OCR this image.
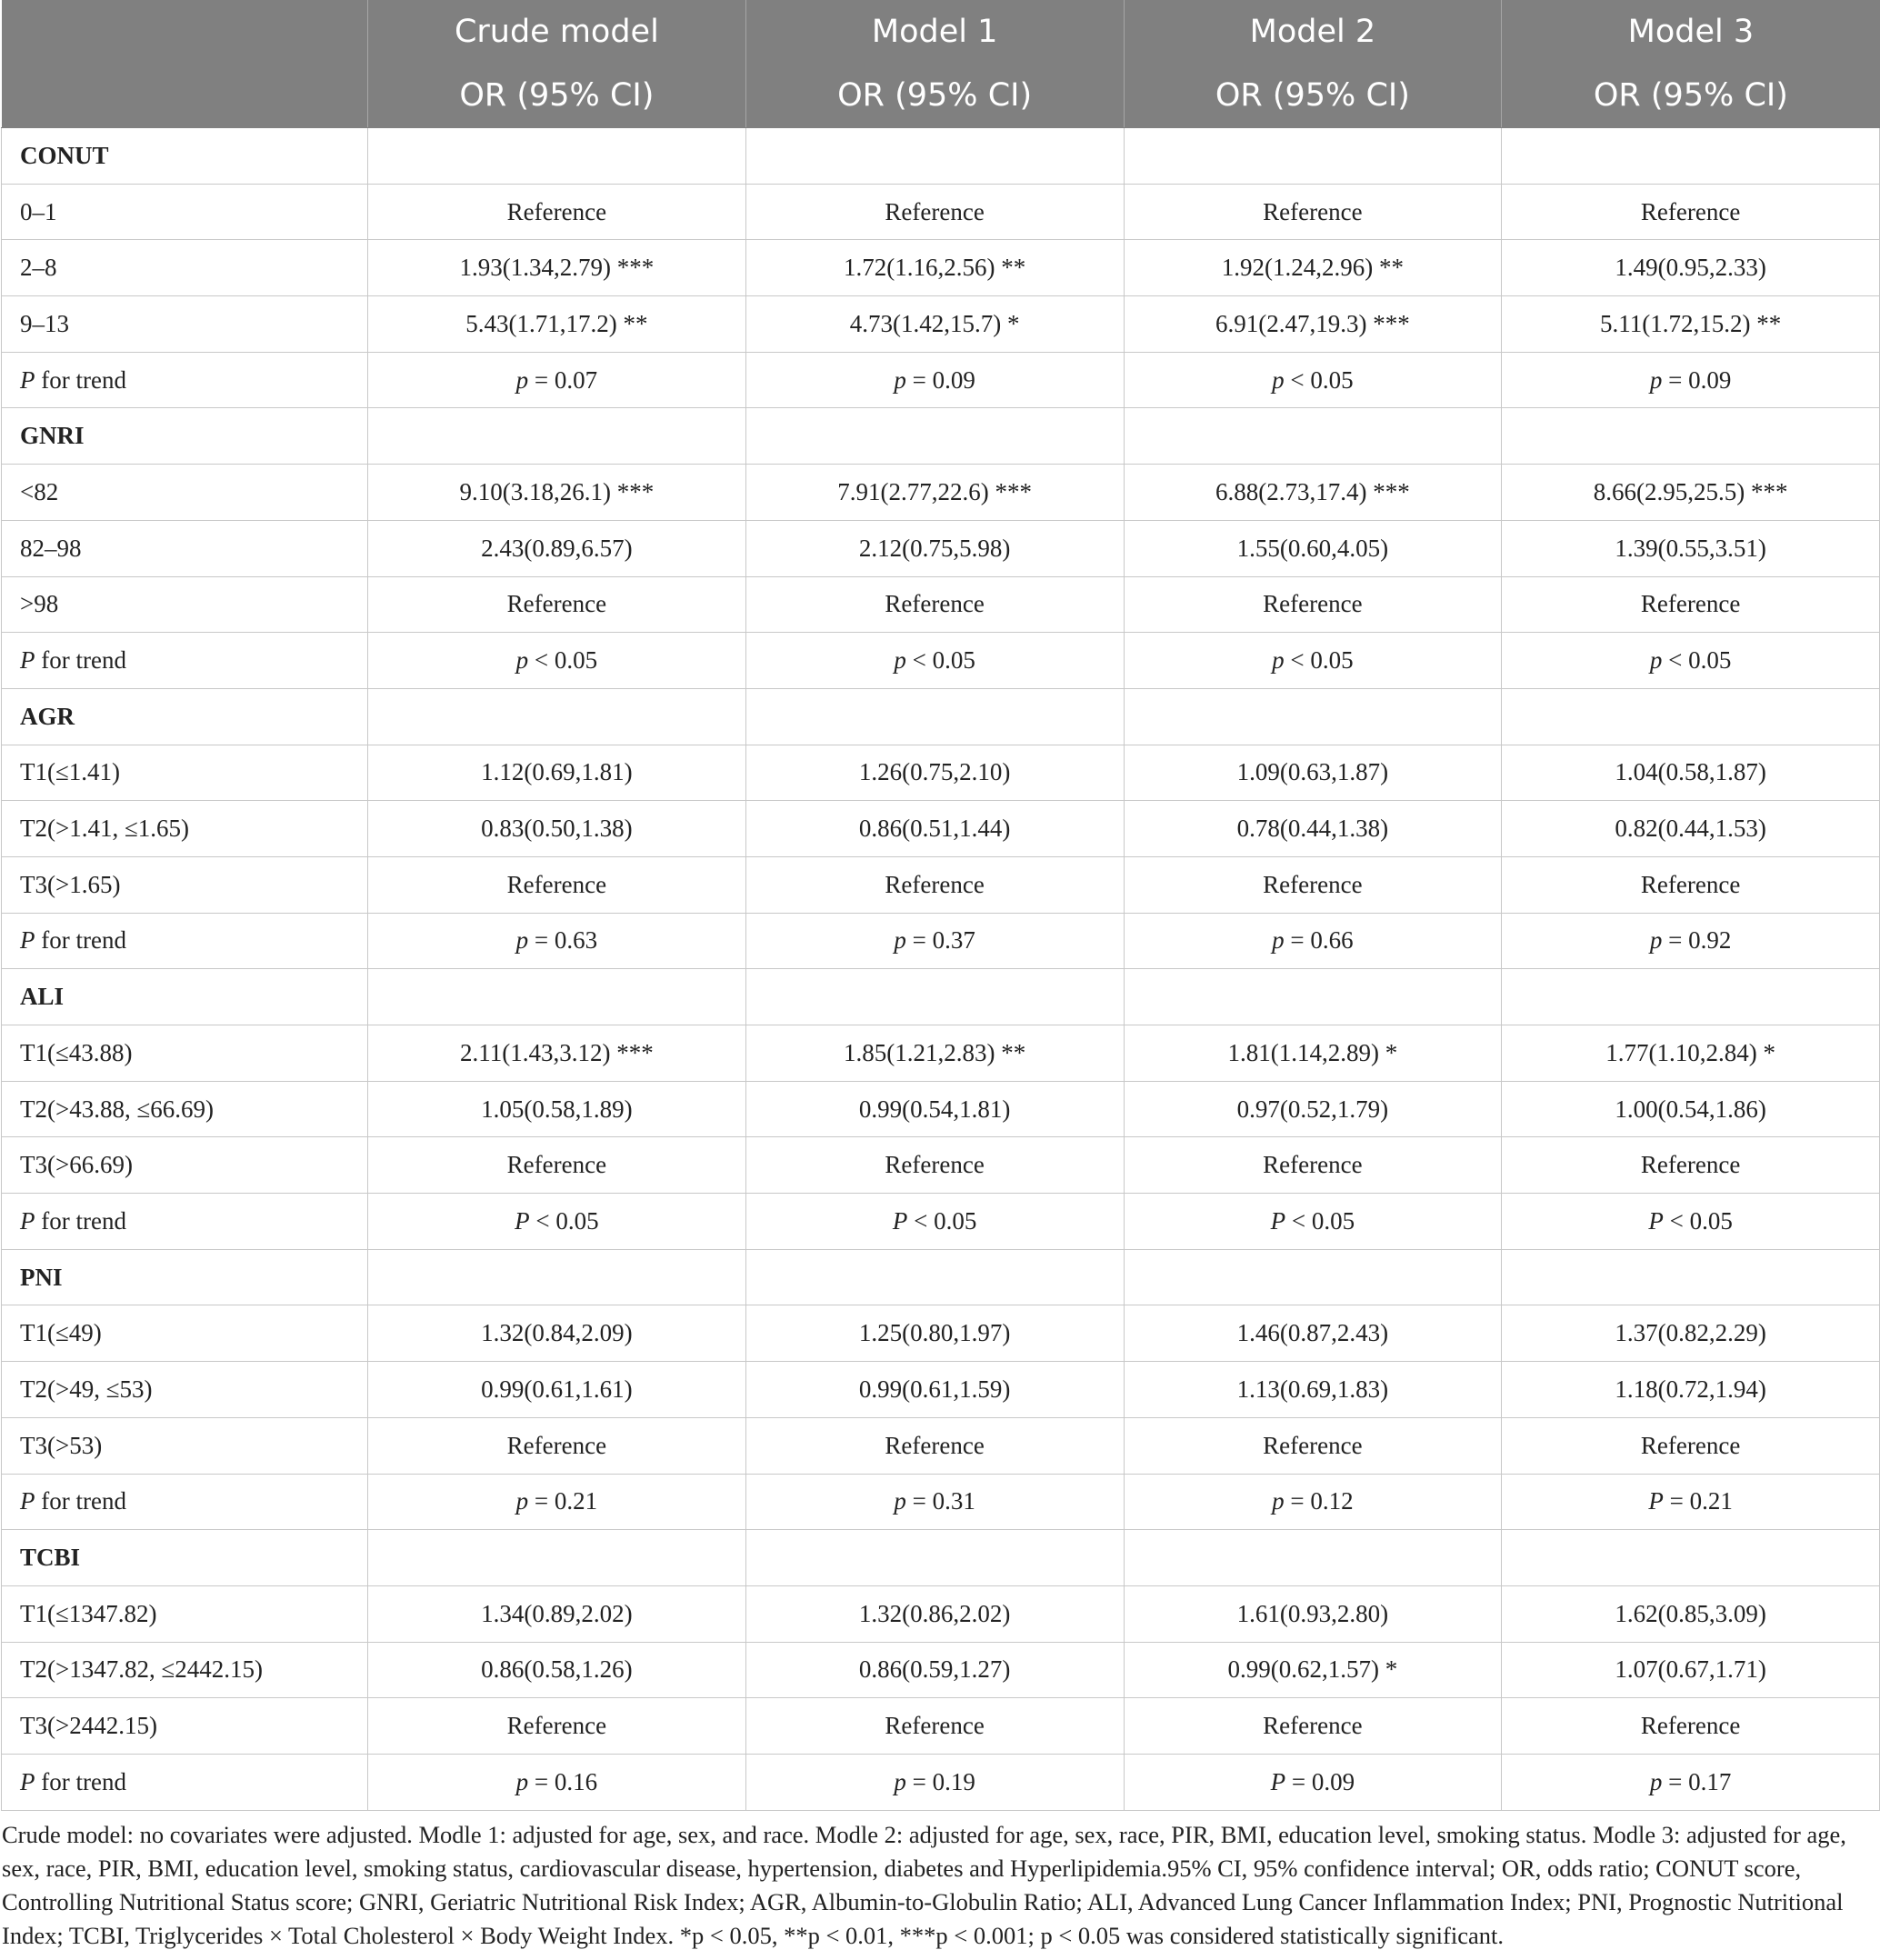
	Crude model	Model 1	Model 2	Model 3
	OR (95% CI)	OR (95% CI)	OR (95% CI)	OR (95% CI)
CONUT				
0–1	Reference	Reference	Reference	Reference
2–8	1.93(1.34,2.79) ***	1.72(1.16,2.56) **	1.92(1.24,2.96) **	1.49(0.95,2.33)
9–13	5.43(1.71,17.2) **	4.73(1.42,15.7) *	6.91(2.47,19.3) ***	5.11(1.72,15.2) **
P for trend	p = 0.07	p = 0.09	p < 0.05	p = 0.09
GNRI				
<82	9.10(3.18,26.1) ***	7.91(2.77,22.6) ***	6.88(2.73,17.4) ***	8.66(2.95,25.5) ***
82–98	2.43(0.89,6.57)	2.12(0.75,5.98)	1.55(0.60,4.05)	1.39(0.55,3.51)
>98	Reference	Reference	Reference	Reference
P for trend	p < 0.05	p < 0.05	p < 0.05	p < 0.05
AGR				
T1(≤1.41)	1.12(0.69,1.81)	1.26(0.75,2.10)	1.09(0.63,1.87)	1.04(0.58,1.87)
T2(>1.41, ≤1.65)	0.83(0.50,1.38)	0.86(0.51,1.44)	0.78(0.44,1.38)	0.82(0.44,1.53)
T3(>1.65)	Reference	Reference	Reference	Reference
P for trend	p = 0.63	p = 0.37	p = 0.66	p = 0.92
ALI				
T1(≤43.88)	2.11(1.43,3.12) ***	1.85(1.21,2.83) **	1.81(1.14,2.89) *	1.77(1.10,2.84) *
T2(>43.88, ≤66.69)	1.05(0.58,1.89)	0.99(0.54,1.81)	0.97(0.52,1.79)	1.00(0.54,1.86)
T3(>66.69)	Reference	Reference	Reference	Reference
P for trend	P < 0.05	P < 0.05	P < 0.05	P < 0.05
PNI				
T1(≤49)	1.32(0.84,2.09)	1.25(0.80,1.97)	1.46(0.87,2.43)	1.37(0.82,2.29)
T2(>49, ≤53)	0.99(0.61,1.61)	0.99(0.61,1.59)	1.13(0.69,1.83)	1.18(0.72,1.94)
T3(>53)	Reference	Reference	Reference	Reference
P for trend	p = 0.21	p = 0.31	p = 0.12	P = 0.21
TCBI				
T1(≤1347.82)	1.34(0.89,2.02)	1.32(0.86,2.02)	1.61(0.93,2.80)	1.62(0.85,3.09)
T2(>1347.82, ≤2442.15)	0.86(0.58,1.26)	0.86(0.59,1.27)	0.99(0.62,1.57) *	1.07(0.67,1.71)
T3(>2442.15)	Reference	Reference	Reference	Reference
P for trend	p = 0.16	p = 0.19	P = 0.09	p = 0.17
Crude model: no covariates were adjusted. Modle 1: adjusted for age, sex, and race. Modle 2: adjusted for age, sex, race, PIR, BMI, education level, smoking status. Modle 3: adjusted for age, sex, race, PIR, BMI, education level, smoking status, cardiovascular disease, hypertension, diabetes and Hyperlipidemia.95% CI, 95% confidence interval; OR, odds ratio; CONUT score, Controlling Nutritional Status score; GNRI, Geriatric Nutritional Risk Index; AGR, Albumin-to-Globulin Ratio; ALI, Advanced Lung Cancer Inflammation Index; PNI, Prognostic Nutritional Index; TCBI, Triglycerides × Total Cholesterol × Body Weight Index. *p < 0.05, **p < 0.01, ***p < 0.001; p < 0.05 was considered statistically significant.
